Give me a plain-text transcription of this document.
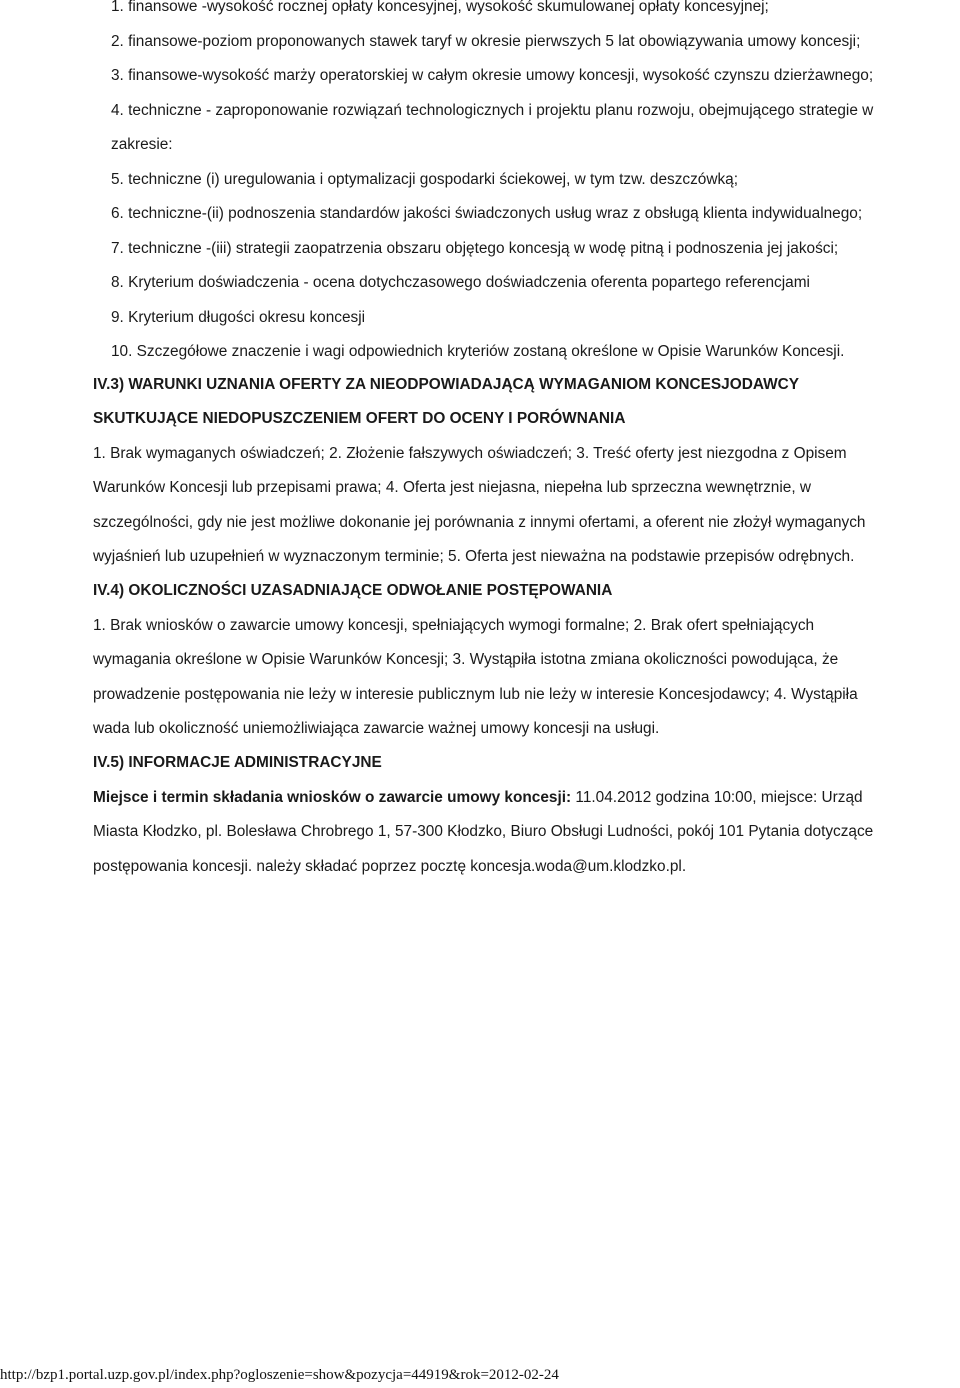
1. finansowe -wysokość rocznej opłaty koncesyjnej, wysokość skumulowanej opłaty koncesyjnej;
2. finansowe-poziom proponowanych stawek taryf w okresie pierwszych 5 lat obowiązywania umowy koncesji;
3. finansowe-wysokość marży operatorskiej w całym okresie umowy koncesji, wysokość czynszu dzierżawnego;
4. techniczne - zaproponowanie rozwiązań technologicznych i projektu planu rozwoju, obejmującego strategie w
zakresie:
5. techniczne (i) uregulowania i optymalizacji gospodarki ściekowej, w tym tzw. deszczówką;
6. techniczne-(ii) podnoszenia standardów jakości świadczonych usług wraz z obsługą klienta indywidualnego;
7. techniczne -(iii) strategii zaopatrzenia obszaru objętego koncesją w wodę pitną i podnoszenia jej jakości;
8. Kryterium doświadczenia - ocena dotychczasowego doświadczenia oferenta popartego referencjami
9. Kryterium długości okresu koncesji
10. Szczegółowe znaczenie i wagi odpowiednich kryteriów zostaną określone w Opisie Warunków Koncesji.
IV.3) WARUNKI UZNANIA OFERTY ZA NIEODPOWIADAJĄCĄ WYMAGANIOM KONCESJODAWCY
SKUTKUJĄCE NIEDOPUSZCZENIEM OFERT DO OCENY I PORÓWNANIA
1. Brak wymaganych oświadczeń; 2. Złożenie fałszywych oświadczeń; 3. Treść oferty jest niezgodna z Opisem
Warunków Koncesji lub przepisami prawa; 4. Oferta jest niejasna, niepełna lub sprzeczna wewnętrznie, w
szczególności, gdy nie jest możliwe dokonanie jej porównania z innymi ofertami, a oferent nie złożył wymaganych
wyjaśnień lub uzupełnień w wyznaczonym terminie; 5. Oferta jest nieważna na podstawie przepisów odrębnych.
IV.4) OKOLICZNOŚCI UZASADNIAJĄCE ODWOŁANIE POSTĘPOWANIA
1. Brak wniosków o zawarcie umowy koncesji, spełniających wymogi formalne; 2. Brak ofert spełniających
wymagania określone w Opisie Warunków Koncesji; 3. Wystąpiła istotna zmiana okoliczności powodująca, że
prowadzenie postępowania nie leży w interesie publicznym lub nie leży w interesie Koncesjodawcy; 4. Wystąpiła
wada lub okoliczność uniemożliwiająca zawarcie ważnej umowy koncesji na usługi.
IV.5) INFORMACJE ADMINISTRACYJNE
Miejsce i termin składania wniosków o zawarcie umowy koncesji: 11.04.2012 godzina 10:00, miejsce: Urząd
Miasta Kłodzko, pl. Bolesława Chrobrego 1, 57-300 Kłodzko, Biuro Obsługi Ludności, pokój 101 Pytania dotyczące
postępowania koncesji. należy składać poprzez pocztę koncesja.woda@um.klodzko.pl.
http://bzp1.portal.uzp.gov.pl/index.php?ogloszenie=show&pozycja=44919&rok=2012-02-24
